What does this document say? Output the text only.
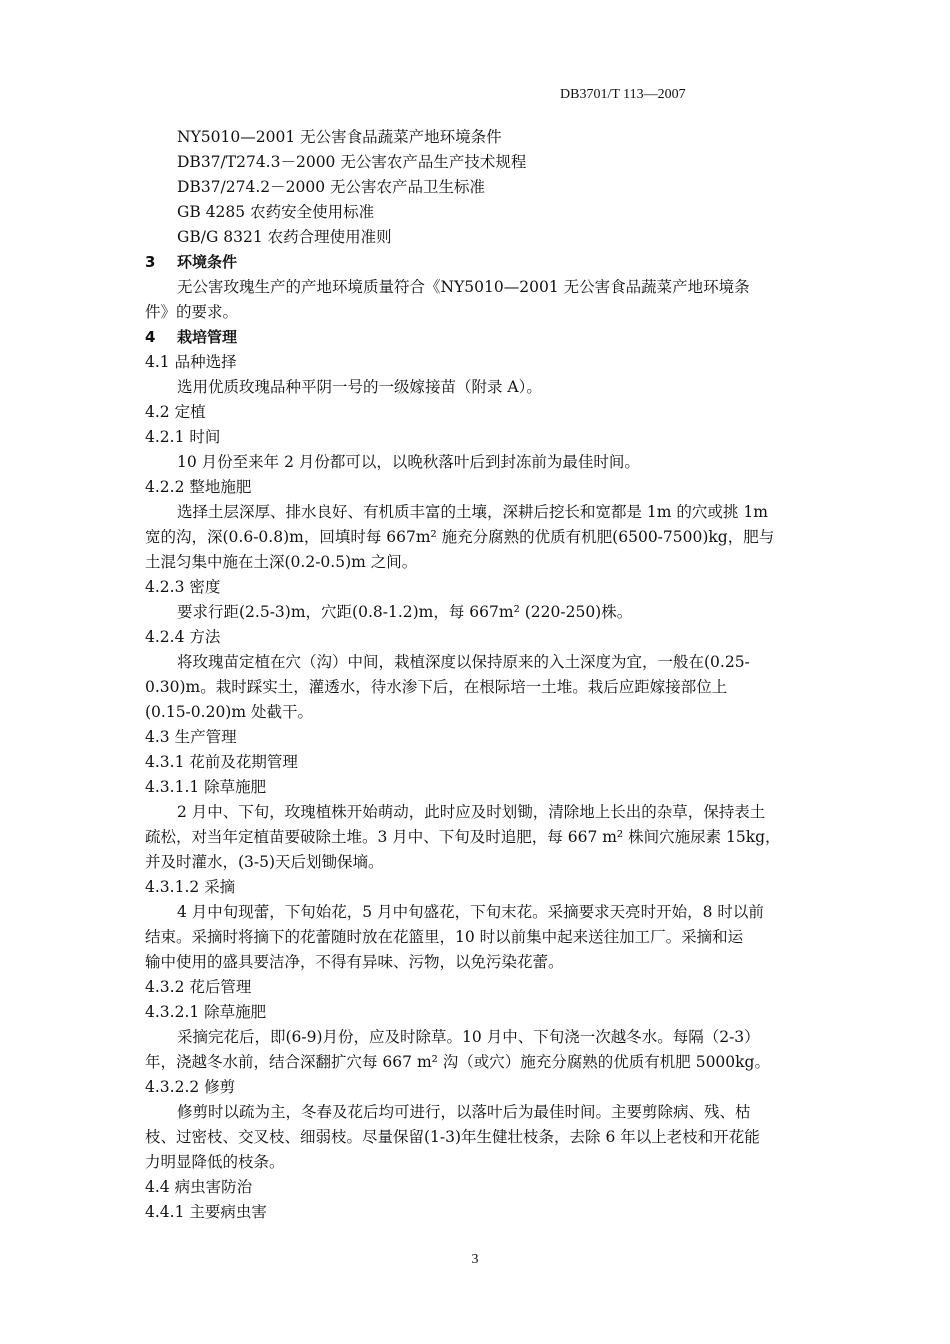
DB3701/T 113—2007
NY5010—2001 无公害食品蔬菜产地环境条件
DB37/T274.3－2000 无公害农产品生产技术规程
DB37/274.2－2000 无公害农产品卫生标准
GB 4285 农药安全使用标准
GB/G 8321 农药合理使用准则
3 环境条件
无公害玫瑰生产的产地环境质量符合《NY5010—2001 无公害食品蔬菜产地环境条
件》的要求。
4 栽培管理
4.1 品种选择
选用优质玫瑰品种平阴一号的一级嫁接苗（附录 A）。
4.2 定植
4.2.1 时间
10 月份至来年 2 月份都可以，以晚秋落叶后到封冻前为最佳时间。
4.2.2 整地施肥
选择土层深厚、排水良好、有机质丰富的土壤，深耕后挖长和宽都是 1m 的穴或挑 1m
宽的沟，深(0.6-0.8)m，回填时每 667m² 施充分腐熟的优质有机肥(6500-7500)kg，肥与
土混匀集中施在土深(0.2-0.5)m 之间。
4.2.3 密度
要求行距(2.5-3)m，穴距(0.8-1.2)m，每 667m² (220-250)株。
4.2.4 方法
将玫瑰苗定植在穴（沟）中间，栽植深度以保持原来的入土深度为宜，一般在(0.25-
0.30)m。栽时踩实土，灌透水，待水渗下后，在根际培一土堆。栽后应距嫁接部位上
(0.15-0.20)m 处截干。
4.3 生产管理
4.3.1 花前及花期管理
4.3.1.1 除草施肥
2 月中、下旬，玫瑰植株开始萌动，此时应及时划锄，清除地上长出的杂草，保持表土
疏松，对当年定植苗要破除土堆。3 月中、下旬及时追肥，每 667 m² 株间穴施尿素 15kg，
并及时灌水，(3-5)天后划锄保墒。
4.3.1.2 采摘
4 月中旬现蕾，下旬始花，5 月中旬盛花，下旬末花。采摘要求天亮时开始，8 时以前
结束。采摘时将摘下的花蕾随时放在花篮里，10 时以前集中起来送往加工厂。采摘和运
输中使用的盛具要洁净，不得有异味、污物，以免污染花蕾。
4.3.2 花后管理
4.3.2.1 除草施肥
采摘完花后，即(6-9)月份，应及时除草。10 月中、下旬浇一次越冬水。每隔（2-3）
年，浇越冬水前，结合深翻扩穴每 667 m² 沟（或穴）施充分腐熟的优质有机肥 5000kg。
4.3.2.2 修剪
修剪时以疏为主，冬春及花后均可进行，以落叶后为最佳时间。主要剪除病、残、枯
枝、过密枝、交叉枝、细弱枝。尽量保留(1-3)年生健壮枝条，去除 6 年以上老枝和开花能
力明显降低的枝条。
4.4 病虫害防治
4.4.1 主要病虫害
3
